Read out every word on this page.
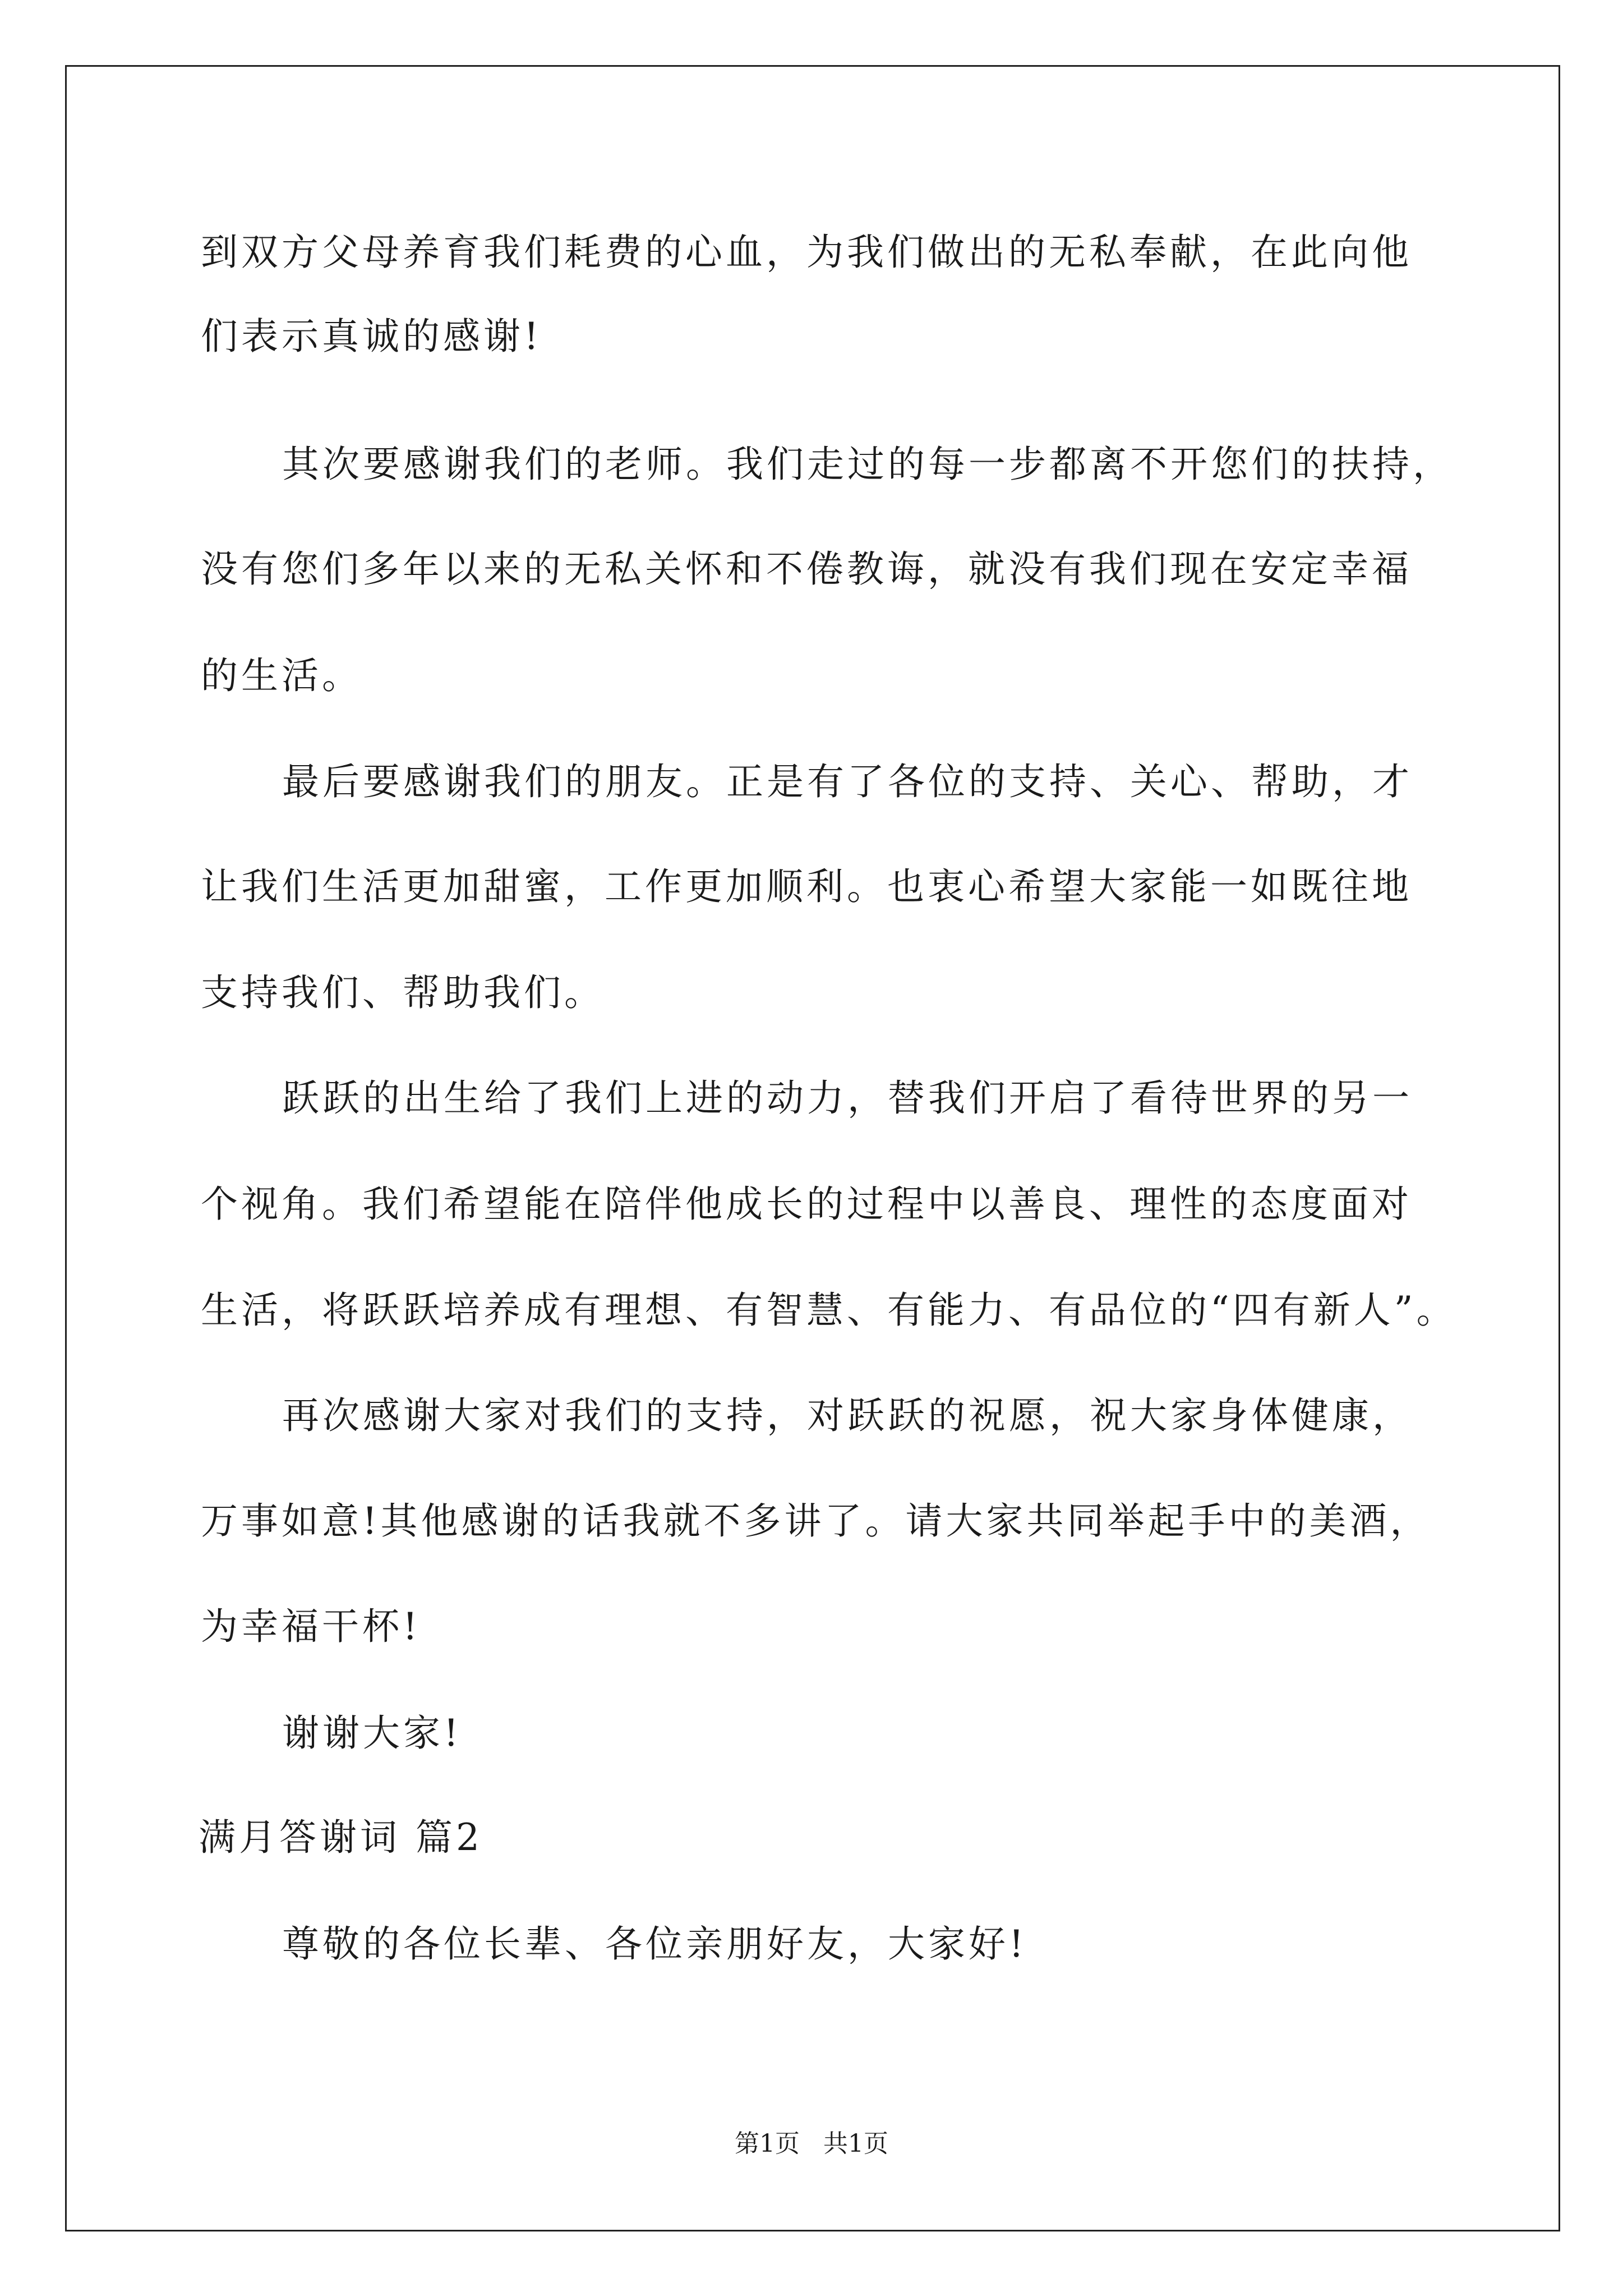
到双方父母养育我们耗费的心血，为我们做出的无私奉献，在此向他
们表示真诚的感谢!
其次要感谢我们的老师。我们走过的每一步都离不开您们的扶持，
没有您们多年以来的无私关怀和不倦教诲，就没有我们现在安定幸福
的生活。
最后要感谢我们的朋友。正是有了各位的支持、关心、帮助，才
让我们生活更加甜蜜，工作更加顺利。也衷心希望大家能一如既往地
支持我们、帮助我们。
跃跃的出生给了我们上进的动力，替我们开启了看待世界的另一
个视角。我们希望能在陪伴他成长的过程中以善良、理性的态度面对
生活，将跃跃培养成有理想、有智慧、有能力、有品位的“四有新人”。
再次感谢大家对我们的支持，对跃跃的祝愿，祝大家身体健康，
万事如意!其他感谢的话我就不多讲了。请大家共同举起手中的美酒，
为幸福干杯!
谢谢大家!
满月答谢词 篇2
尊敬的各位长辈、各位亲朋好友，大家好!
第1页   共1页
